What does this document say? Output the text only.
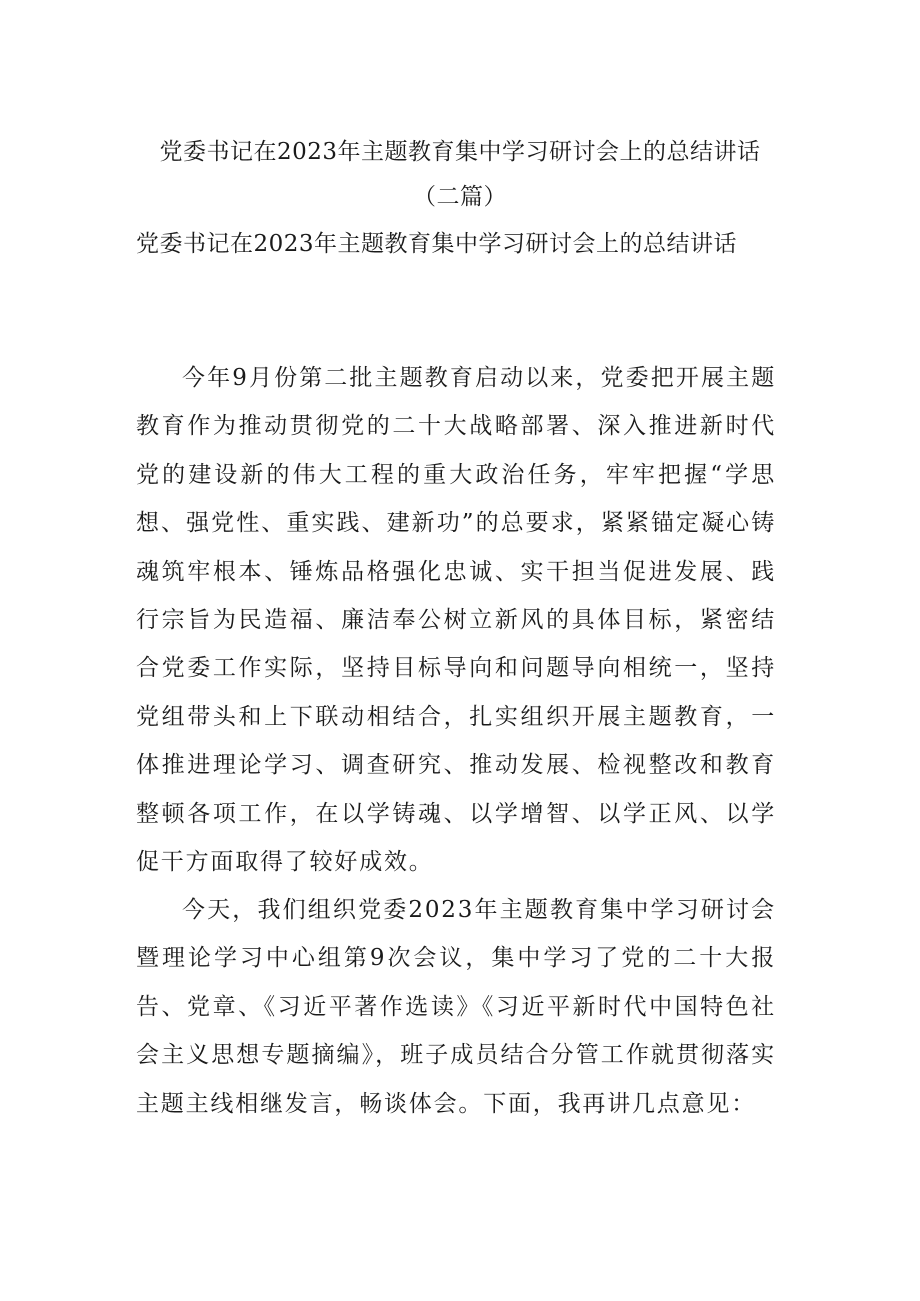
党委书记在2023年主题教育集中学习研讨会上的总结讲话
（二篇）
党委书记在2023年主题教育集中学习研讨会上的总结讲话

今年9月份第二批主题教育启动以来，党委把开展主题教育作为推动贯彻党的二十大战略部署、深入推进新时代党的建设新的伟大工程的重大政治任务，牢牢把握“学思想、强党性、重实践、建新功”的总要求，紧紧锚定凝心铸魂筑牢根本、锤炼品格强化忠诚、实干担当促进发展、践行宗旨为民造福、廉洁奉公树立新风的具体目标，紧密结合党委工作实际，坚持目标导向和问题导向相统一，坚持党组带头和上下联动相结合，扎实组织开展主题教育，一体推进理论学习、调查研究、推动发展、检视整改和教育整顿各项工作，在以学铸魂、以学增智、以学正风、以学促干方面取得了较好成效。

今天，我们组织党委2023年主题教育集中学习研讨会暨理论学习中心组第9次会议，集中学习了党的二十大报告、党章、《习近平著作选读》《习近平新时代中国特色社会主义思想专题摘编》，班子成员结合分管工作就贯彻落实主题主线相继发言，畅谈体会。下面，我再讲几点意见：
